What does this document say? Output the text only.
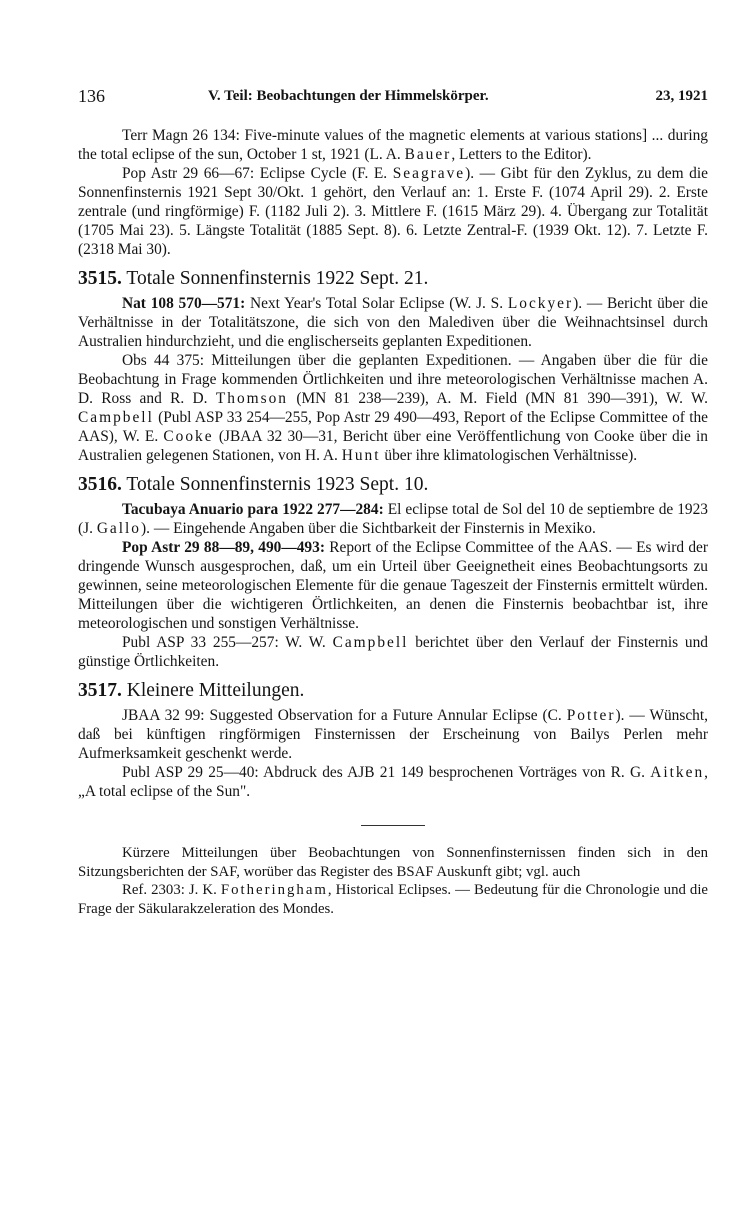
136	V. Teil: Beobachtungen der Himmelskörper.	23, 1921

Terr Magn 26 134: Five-minute values of the magnetic elements at various stations] ... during the total eclipse of the sun, October 1 st, 1921 (L. A. Bauer, Letters to the Editor).

Pop Astr 29 66—67: Eclipse Cycle (F. E. Seagrave). — Gibt für den Zyklus, zu dem die Sonnenfinsternis 1921 Sept 30/Okt. 1 gehört, den Verlauf an: 1. Erste F. (1074 April 29). 2. Erste zentrale (und ringförmige) F. (1182 Juli 2). 3. Mittlere F. (1615 März 29). 4. Übergang zur Totalität (1705 Mai 23). 5. Längste Totalität (1885 Sept. 8). 6. Letzte Zentral-F. (1939 Okt. 12). 7. Letzte F. (2318 Mai 30).

3515. Totale Sonnenfinsternis 1922 Sept. 21.

Nat 108 570—571: Next Year's Total Solar Eclipse (W. J. S. Lockyer). — Bericht über die Verhältnisse in der Totalitätszone, die sich von den Malediven über die Weihnachtsinsel durch Australien hindurchzieht, und die englischerseits geplanten Expeditionen.

Obs 44 375: Mitteilungen über die geplanten Expeditionen. — Angaben über die für die Beobachtung in Frage kommenden Örtlichkeiten und ihre meteorologischen Verhältnisse machen A. D. Ross and R. D. Thomson (MN 81 238—239), A. M. Field (MN 81 390—391), W. W. Campbell (Publ ASP 33 254—255, Pop Astr 29 490—493, Report of the Eclipse Committee of the AAS), W. E. Cooke (JBAA 32 30—31, Bericht über eine Veröffentlichung von Cooke über die in Australien gelegenen Stationen, von H. A. Hunt über ihre klimatologischen Verhältnisse).

3516. Totale Sonnenfinsternis 1923 Sept. 10.

Tacubaya Anuario para 1922 277—284: El eclipse total de Sol del 10 de septiembre de 1923 (J. Gallo). — Eingehende Angaben über die Sichtbarkeit der Finsternis in Mexiko.

Pop Astr 29 88—89, 490—493: Report of the Eclipse Committee of the AAS. — Es wird der dringende Wunsch ausgesprochen, daß, um ein Urteil über Geeignetheit eines Beobachtungsorts zu gewinnen, seine meteorologischen Elemente für die genaue Tageszeit der Finsternis ermittelt würden. Mitteilungen über die wichtigeren Örtlichkeiten, an denen die Finsternis beobachtbar ist, ihre meteorologischen und sonstigen Verhältnisse.

Publ ASP 33 255—257: W. W. Campbell berichtet über den Verlauf der Finsternis und günstige Örtlichkeiten.

3517. Kleinere Mitteilungen.

JBAA 32 99: Suggested Observation for a Future Annular Eclipse (C. Potter). — Wünscht, daß bei künftigen ringförmigen Finsternissen der Erscheinung von Bailys Perlen mehr Aufmerksamkeit geschenkt werde.

Publ ASP 29 25—40: Abdruck des AJB 21 149 besprochenen Vorträges von R. G. Aitken, „A total eclipse of the Sun".

Kürzere Mitteilungen über Beobachtungen von Sonnenfinsternissen finden sich in den Sitzungsberichten der SAF, worüber das Register des BSAF Auskunft gibt; vgl. auch

Ref. 2303: J. K. Fotheringham, Historical Eclipses. — Bedeutung für die Chronologie und die Frage der Säkularakzeleration des Mondes.
